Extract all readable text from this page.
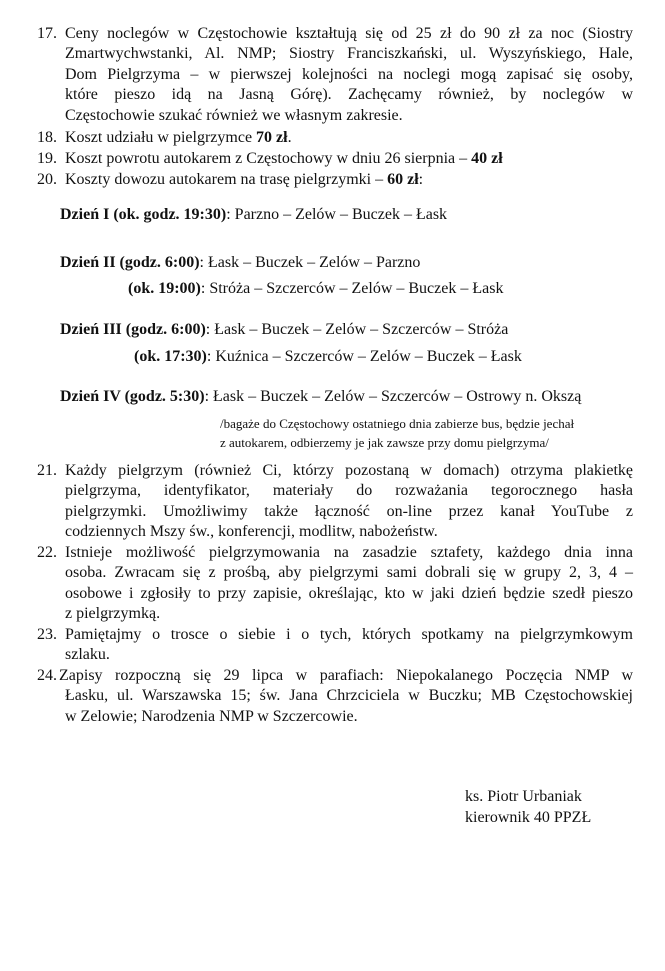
17. Ceny noclegów w Częstochowie kształtują się od 25 zł do 90 zł za noc (Siostry
Zmartwychwstanki, Al. NMP; Siostry Franciszkański, ul. Wyszyńskiego, Hale,
Dom Pielgrzyma – w pierwszej kolejności na noclegi mogą zapisać się osoby,
które pieszo idą na Jasną Górę). Zachęcamy również, by noclegów w
Częstochowie szukać również we własnym zakresie.
18. Koszt udziału w pielgrzymce 70 zł.
19. Koszt powrotu autokarem z Częstochowy w dniu 26 sierpnia – 40 zł
20. Koszty dowozu autokarem na trasę pielgrzymki – 60 zł:
Dzień I (ok. godz. 19:30): Parzno – Zelów – Buczek – Łask
Dzień II (godz. 6:00): Łask – Buczek – Zelów – Parzno
(ok. 19:00): Stróża – Szczerców – Zelów – Buczek – Łask
Dzień III (godz. 6:00): Łask – Buczek – Zelów – Szczerców – Stróża
(ok. 17:30): Kuźnica – Szczerców – Zelów – Buczek – Łask
Dzień IV (godz. 5:30): Łask – Buczek – Zelów – Szczerców – Ostrowy n. Okszą
/bagaże do Częstochowy ostatniego dnia zabierze bus, będzie jechał
z autokarem, odbierzemy je jak zawsze przy domu pielgrzyma/
21. Każdy pielgrzym (również Ci, którzy pozostaną w domach) otrzyma plakietkę
pielgrzyma, identyfikator, materiały do rozważania tegorocznego hasła
pielgrzymki. Umożliwimy także łączność on-line przez kanał YouTube z
codziennych Mszy św., konferencji, modlitw, nabożeństw.
22. Istnieje możliwość pielgrzymowania na zasadzie sztafety, każdego dnia inna
osoba. Zwracam się z prośbą, aby pielgrzymi sami dobrali się w grupy 2, 3, 4 –
osobowe i zgłosiły to przy zapisie, określając, kto w jaki dzień będzie szedł pieszo
z pielgrzymką.
23. Pamiętajmy o trosce o siebie i o tych, których spotkamy na pielgrzymkowym
szlaku.
24. Zapisy rozpoczną się 29 lipca w parafiach: Niepokalanego Poczęcia NMP w
Łasku, ul. Warszawska 15; św. Jana Chrzciciela w Buczku; MB Częstochowskiej
w Zelowie; Narodzenia NMP w Szczercowie.
ks. Piotr Urbaniak
kierownik 40 PPZŁ
